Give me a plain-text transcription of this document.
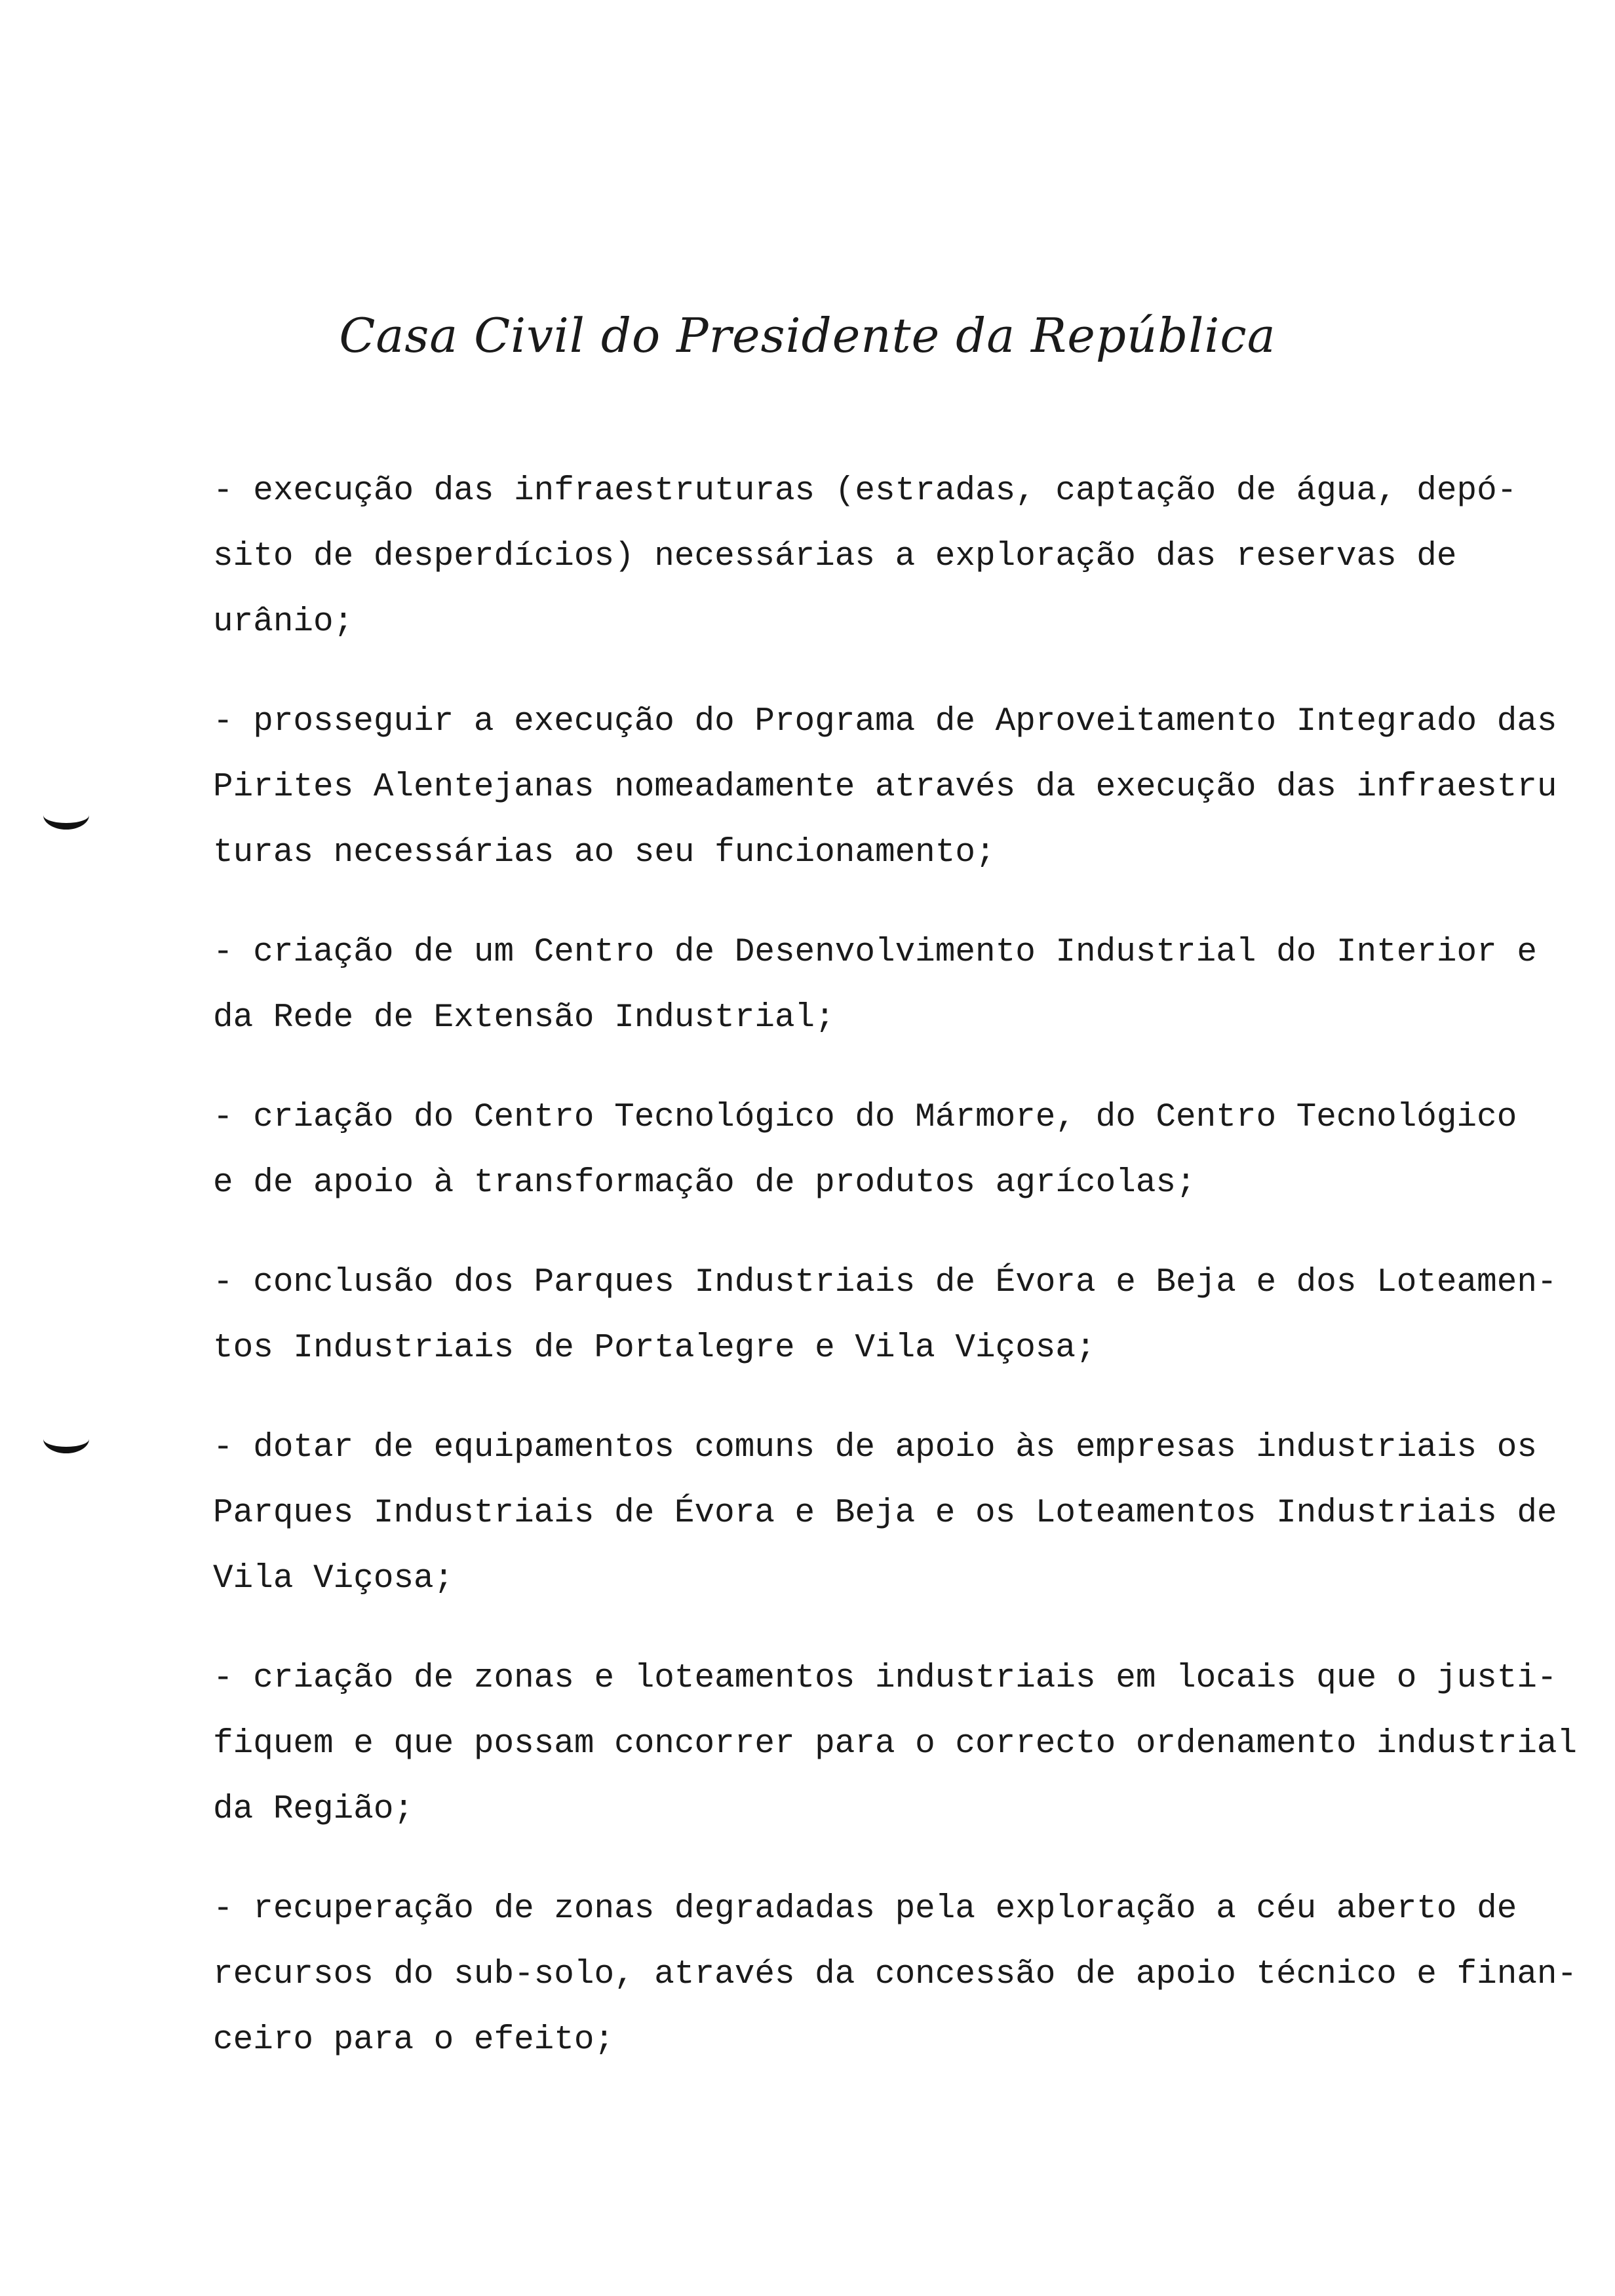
Casa Civil do Presidente da República
- execução das infraestruturas (estradas, captação de água, depó-
sito de desperdícios) necessárias a exploração das reservas de
urânio;
- prosseguir a execução do Programa de Aproveitamento Integrado das
Pirites Alentejanas nomeadamente através da execução das infraestru
turas necessárias ao seu funcionamento;
- criação de um Centro de Desenvolvimento Industrial do Interior e
da Rede de Extensão Industrial;
- criação do Centro Tecnológico do Mármore, do Centro Tecnológico
e de apoio à transformação de produtos agrícolas;
- conclusão dos Parques Industriais de Évora e Beja e dos Loteamen-
tos Industriais de Portalegre e Vila Viçosa;
- dotar de equipamentos comuns de apoio às empresas industriais os
Parques Industriais de Évora e Beja e os Loteamentos Industriais de
Vila Viçosa;
- criação de zonas e loteamentos industriais em locais que o justi-
fiquem e que possam concorrer para o correcto ordenamento industrial
da Região;
- recuperação de zonas degradadas pela exploração a céu aberto de
recursos do sub-solo, através da concessão de apoio técnico e finan-
ceiro para o efeito;
